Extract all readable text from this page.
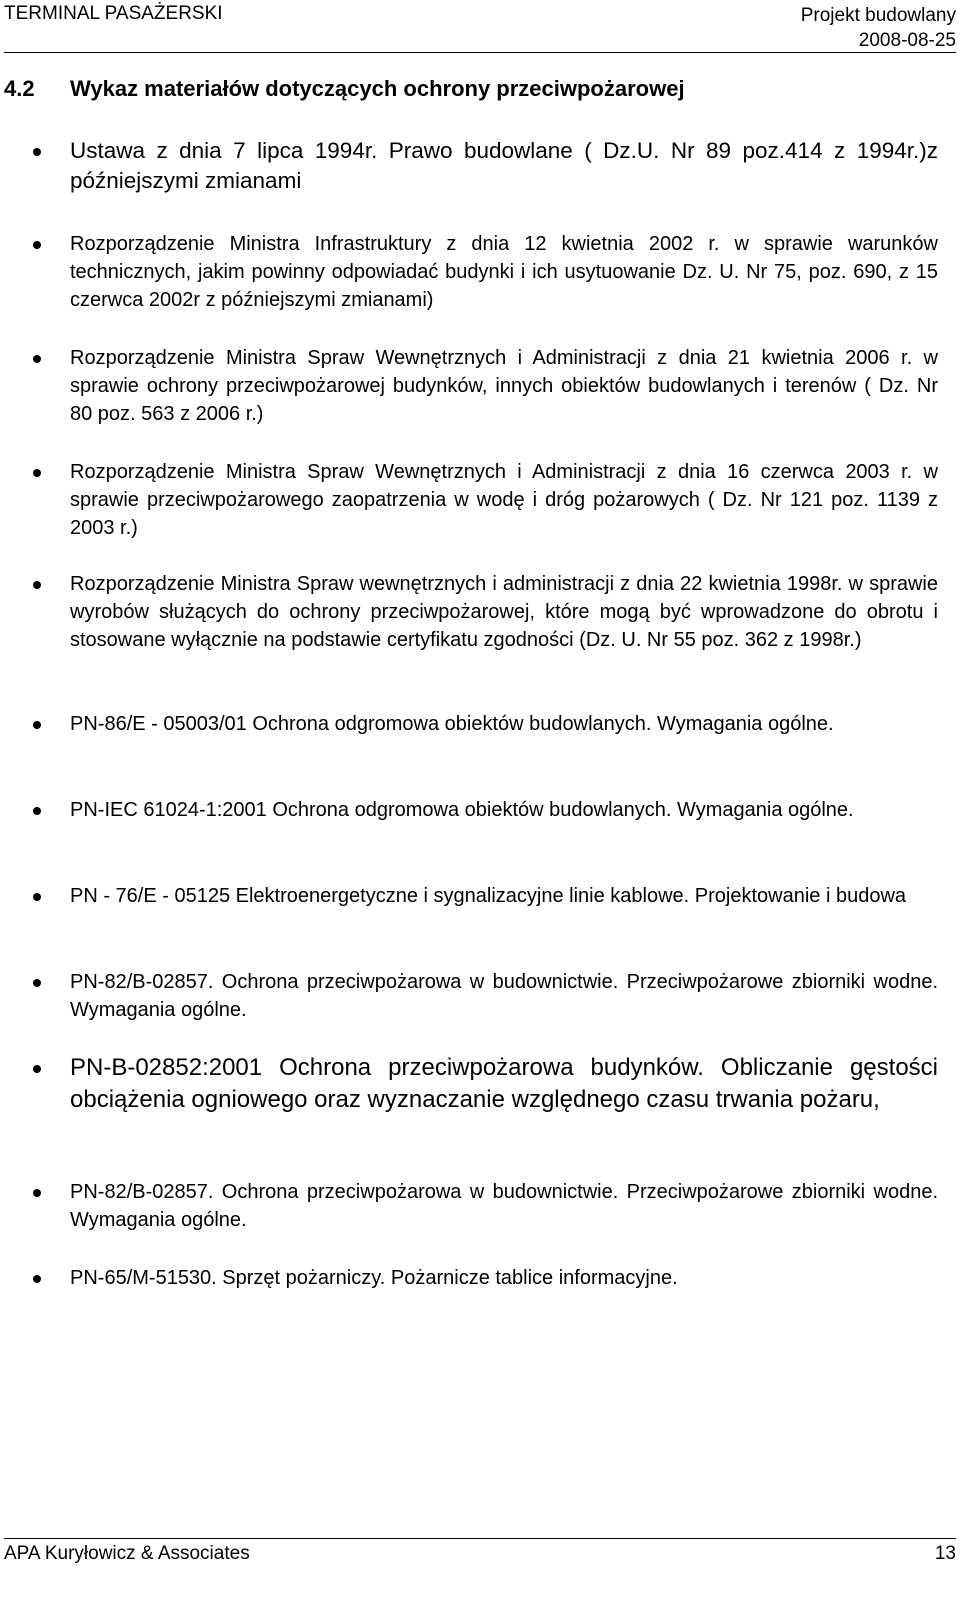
TERMINAL PASAŻERSKI	Projekt budowlany
2008-08-25
4.2 Wykaz materiałów dotyczących ochrony przeciwpożarowej
Ustawa z dnia 7 lipca 1994r. Prawo budowlane ( Dz.U. Nr 89 poz.414 z 1994r.)z późniejszymi zmianami
Rozporządzenie Ministra Infrastruktury z dnia 12 kwietnia 2002 r. w sprawie warunków technicznych, jakim powinny odpowiadać budynki i ich usytuowanie Dz. U. Nr 75, poz. 690, z 15 czerwca 2002r z późniejszymi zmianami)
Rozporządzenie Ministra Spraw Wewnętrznych i Administracji z dnia 21 kwietnia 2006 r. w sprawie ochrony przeciwpożarowej budynków, innych obiektów budowlanych i terenów ( Dz. Nr 80 poz. 563 z 2006 r.)
Rozporządzenie Ministra Spraw Wewnętrznych i Administracji z dnia 16 czerwca 2003 r. w sprawie przeciwpożarowego zaopatrzenia w wodę i dróg pożarowych ( Dz. Nr 121 poz. 1139 z 2003 r.)
Rozporządzenie Ministra Spraw wewnętrznych i administracji z dnia 22 kwietnia 1998r. w sprawie wyrobów służących do ochrony przeciwpożarowej, które mogą być wprowadzone do obrotu i stosowane wyłącznie na podstawie certyfikatu zgodności (Dz. U. Nr 55 poz. 362 z 1998r.)
PN-86/E - 05003/01 Ochrona odgromowa obiektów budowlanych. Wymagania ogólne.
PN-IEC 61024-1:2001 Ochrona odgromowa obiektów budowlanych. Wymagania ogólne.
PN - 76/E - 05125 Elektroenergetyczne i sygnalizacyjne linie kablowe. Projektowanie i budowa
PN-82/B-02857. Ochrona przeciwpożarowa w budownictwie. Przeciwpożarowe zbiorniki wodne. Wymagania ogólne.
PN-B-02852:2001 Ochrona przeciwpożarowa budynków. Obliczanie gęstości obciążenia ogniowego oraz wyznaczanie względnego czasu trwania pożaru,
PN-82/B-02857. Ochrona przeciwpożarowa w budownictwie. Przeciwpożarowe zbiorniki wodne. Wymagania ogólne.
PN-65/M-51530. Sprzęt pożarniczy. Pożarnicze tablice informacyjne.
APA Kuryłowicz & Associates	13
